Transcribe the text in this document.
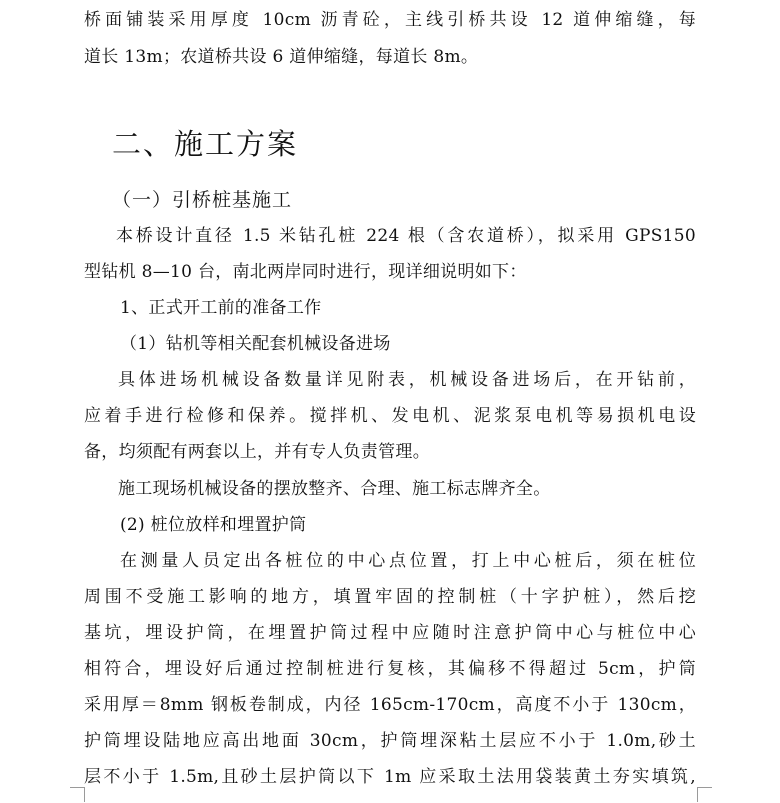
桥面铺装采用厚度 10cm 沥青砼，主线引桥共设 12 道伸缩缝，每
道长 13m；农道桥共设 6 道伸缩缝，每道长 8m。
二、施工方案
（一）引桥桩基施工
本桥设计直径 1.5 米钻孔桩 224 根（含农道桥），拟采用 GPS150
型钻机 8—10 台，南北两岸同时进行，现详细说明如下：
1、正式开工前的准备工作
（1）钻机等相关配套机械设备进场
具体进场机械设备数量详见附表，机械设备进场后，在开钻前，
应着手进行检修和保养。搅拌机、发电机、泥浆泵电机等易损机电设
备，均须配有两套以上，并有专人负责管理。
施工现场机械设备的摆放整齐、合理、施工标志牌齐全。
(2) 桩位放样和埋置护筒
在测量人员定出各桩位的中心点位置，打上中心桩后，须在桩位
周围不受施工影响的地方，填置牢固的控制桩（十字护桩），然后挖
基坑，埋设护筒，在埋置护筒过程中应随时注意护筒中心与桩位中心
相符合，埋设好后通过控制桩进行复核，其偏移不得超过 5cm，护筒
采用厚＝8mm 钢板卷制成，内径 165cm-170cm，高度不小于 130cm，
护筒埋设陆地应高出地面 30cm，护筒埋深粘土层应不小于 1.0m,砂土
层不小于 1.5m,且砂土层护筒以下 1m 应采取土法用袋装黄土夯实填筑,
